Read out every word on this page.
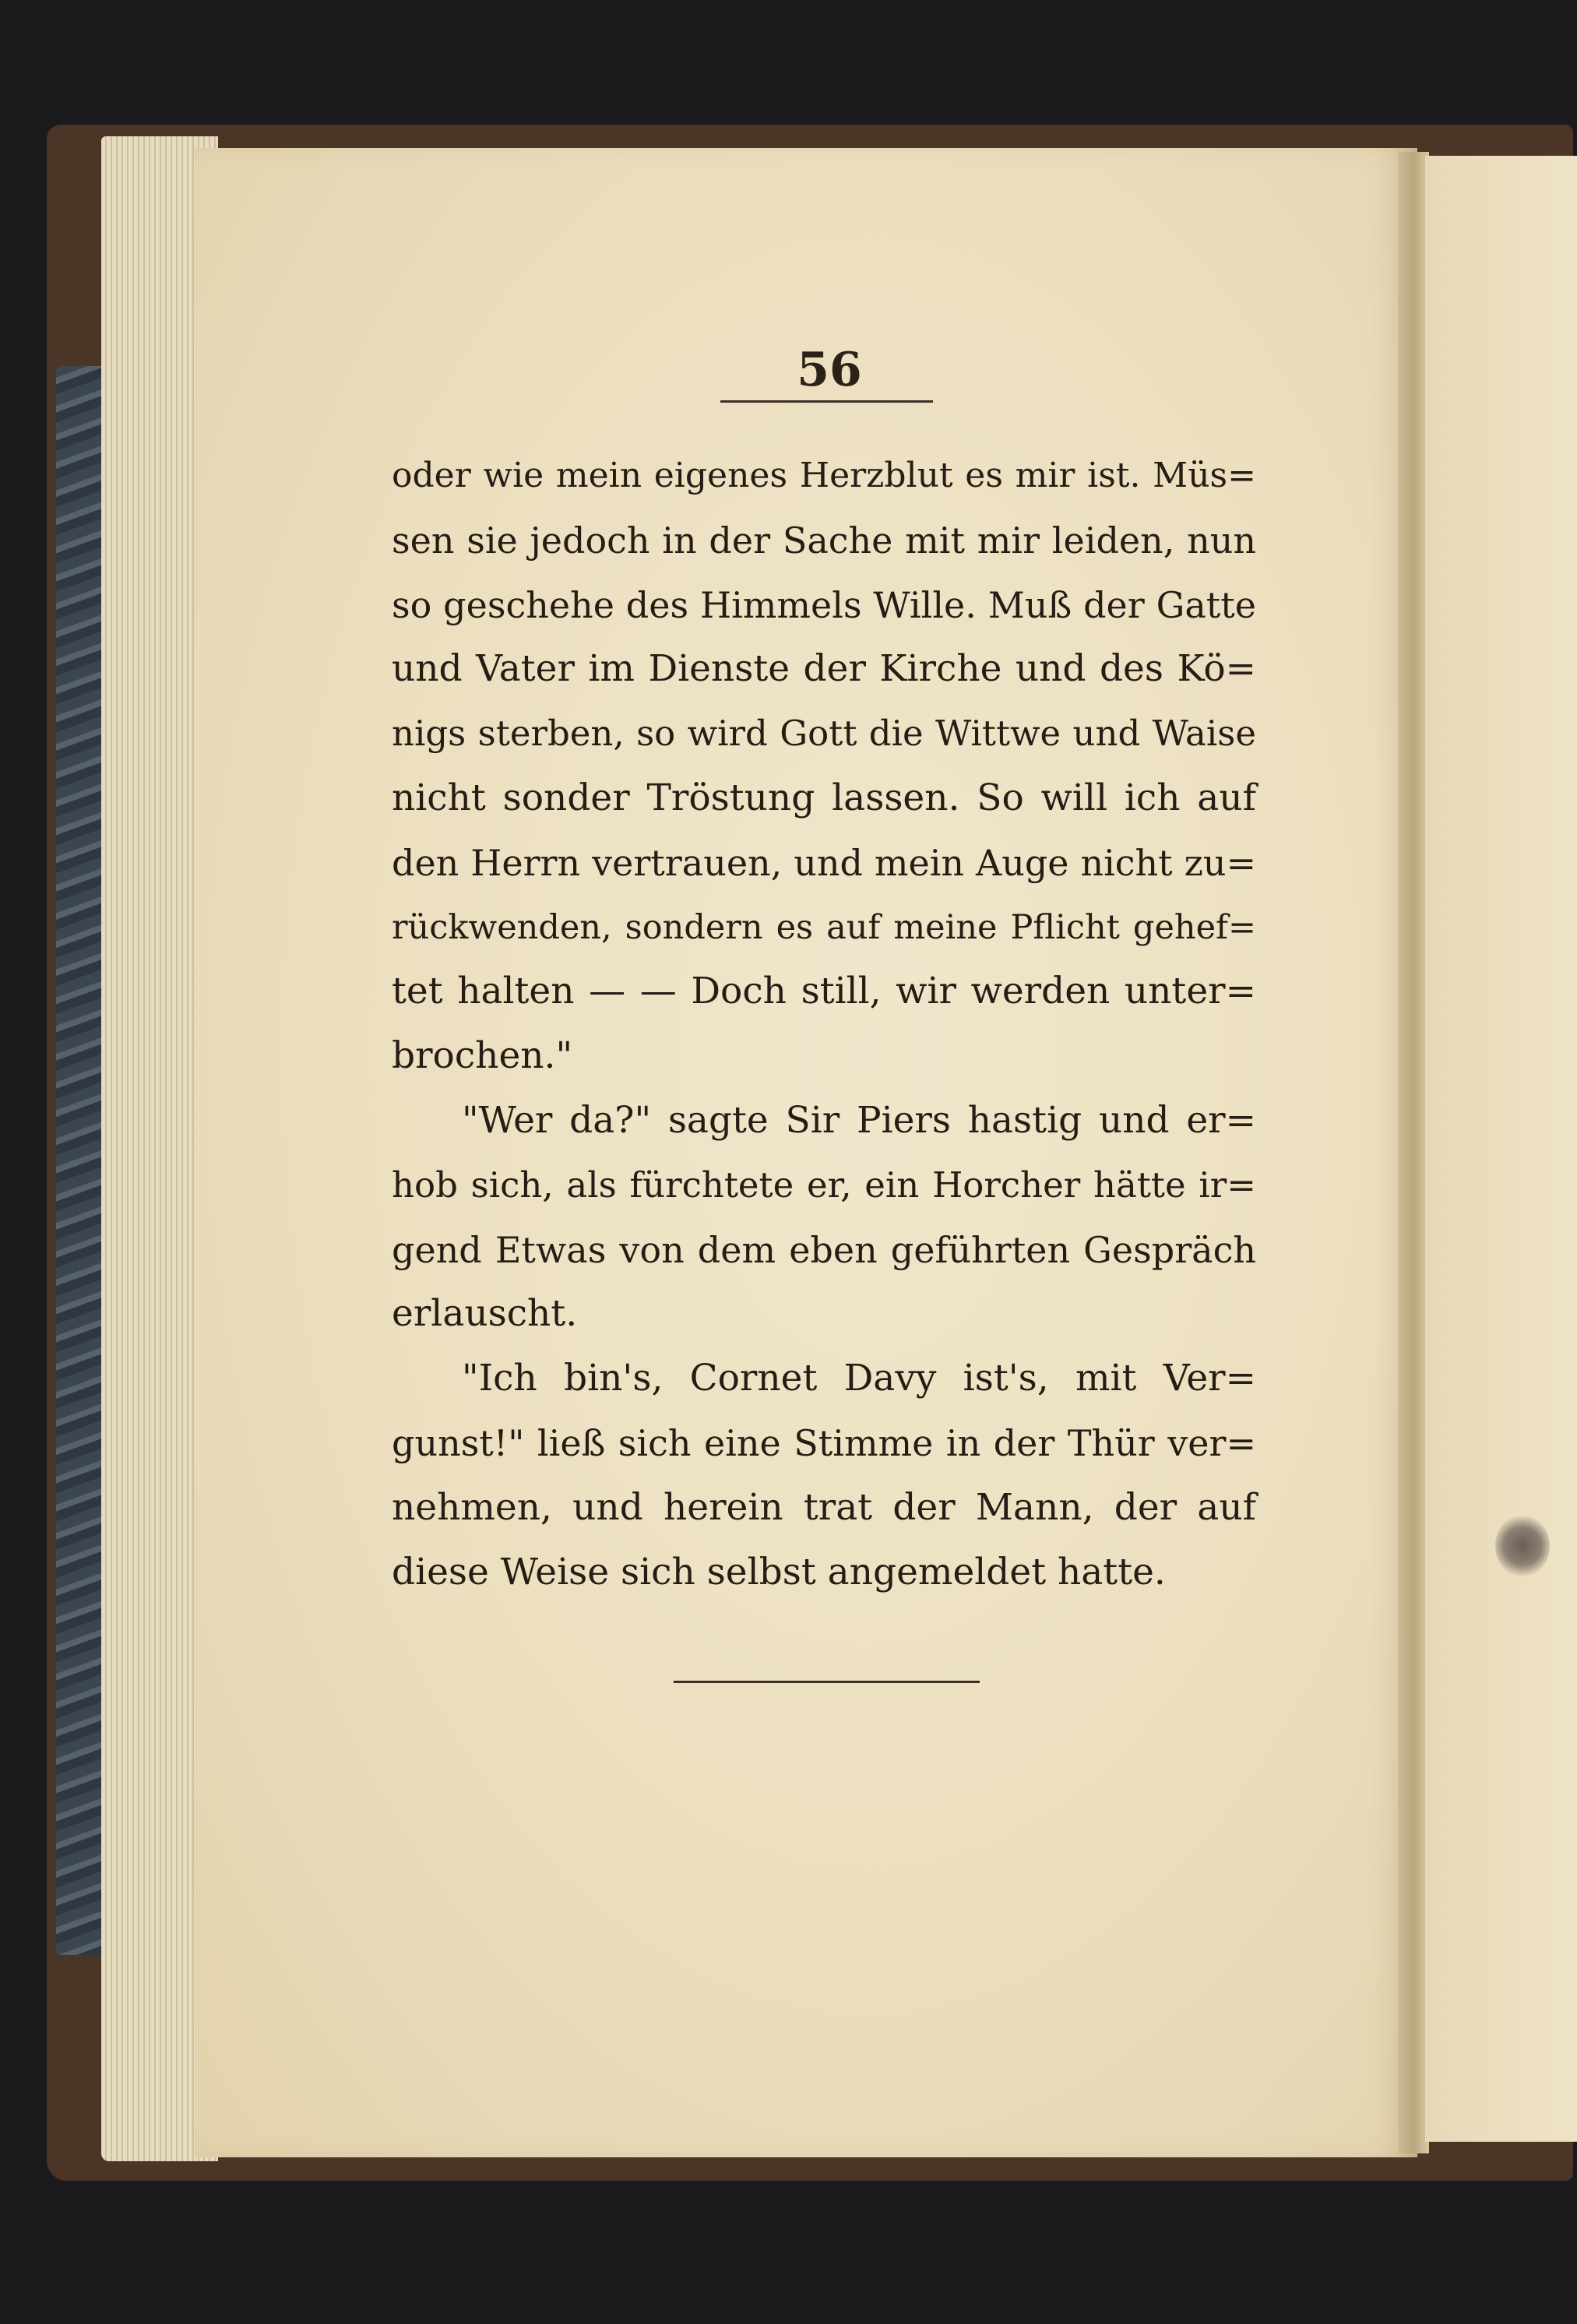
56
oder wie mein eigenes Herzblut es mir ist. Müs=
sen sie jedoch in der Sache mit mir leiden, nun
so geschehe des Himmels Wille. Muß der Gatte
und Vater im Dienste der Kirche und des Kö=
nigs sterben, so wird Gott die Wittwe und Waise
nicht sonder Tröstung lassen. So will ich auf
den Herrn vertrauen, und mein Auge nicht zu=
rückwenden, sondern es auf meine Pflicht gehef=
tet halten — — Doch still, wir werden unter=
brochen."
"Wer da?" sagte Sir Piers hastig und er=
hob sich, als fürchtete er, ein Horcher hätte ir=
gend Etwas von dem eben geführten Gespräch
erlauscht.
"Ich bin's, Cornet Davy ist's, mit Ver=
gunst!" ließ sich eine Stimme in der Thür ver=
nehmen, und herein trat der Mann, der auf
diese Weise sich selbst angemeldet hatte.
